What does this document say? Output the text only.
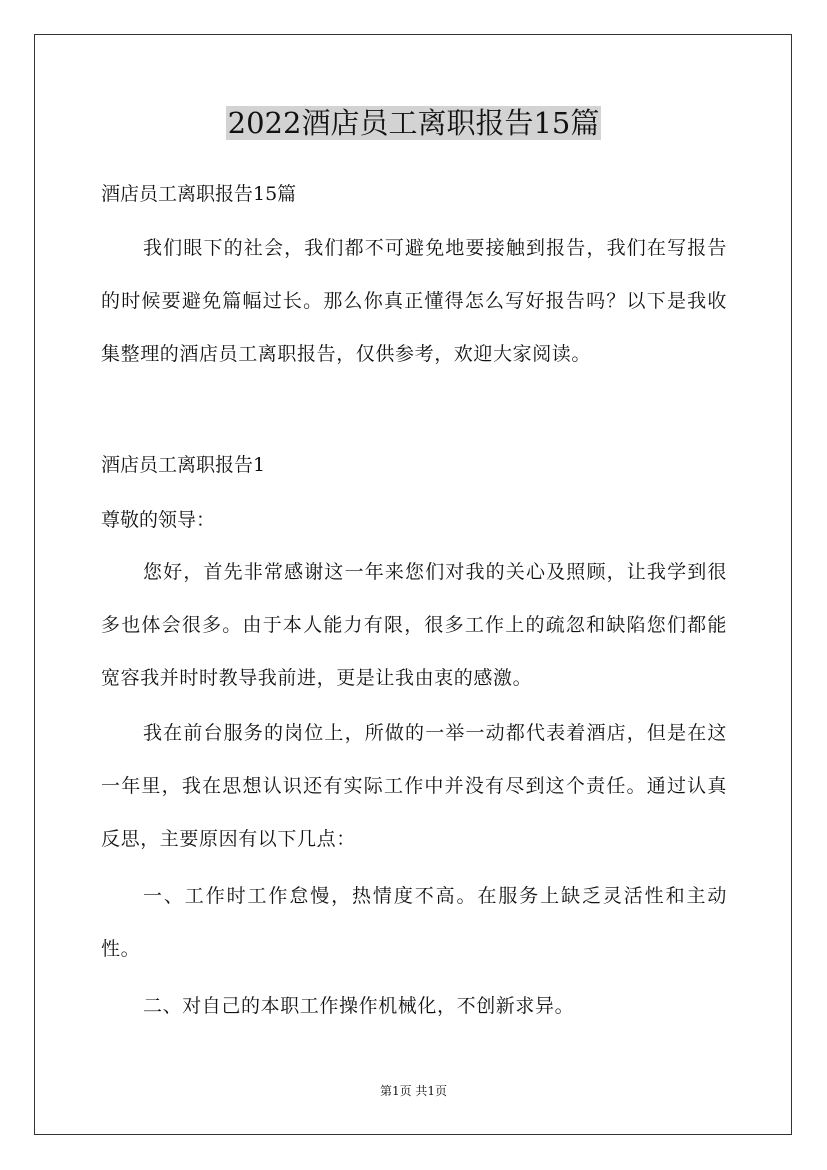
2022酒店员工离职报告15篇
酒店员工离职报告15篇
我们眼下的社会，我们都不可避免地要接触到报告，我们在写报告的时候要避免篇幅过长。那么你真正懂得怎么写好报告吗？以下是我收集整理的酒店员工离职报告，仅供参考，欢迎大家阅读。
酒店员工离职报告1
尊敬的领导：
您好，首先非常感谢这一年来您们对我的关心及照顾，让我学到很多也体会很多。由于本人能力有限，很多工作上的疏忽和缺陷您们都能宽容我并时时教导我前进，更是让我由衷的感激。
我在前台服务的岗位上，所做的一举一动都代表着酒店，但是在这一年里，我在思想认识还有实际工作中并没有尽到这个责任。通过认真反思，主要原因有以下几点：
一、工作时工作怠慢，热情度不高。在服务上缺乏灵活性和主动性。
二、对自己的本职工作操作机械化，不创新求异。
第1页 共1页
